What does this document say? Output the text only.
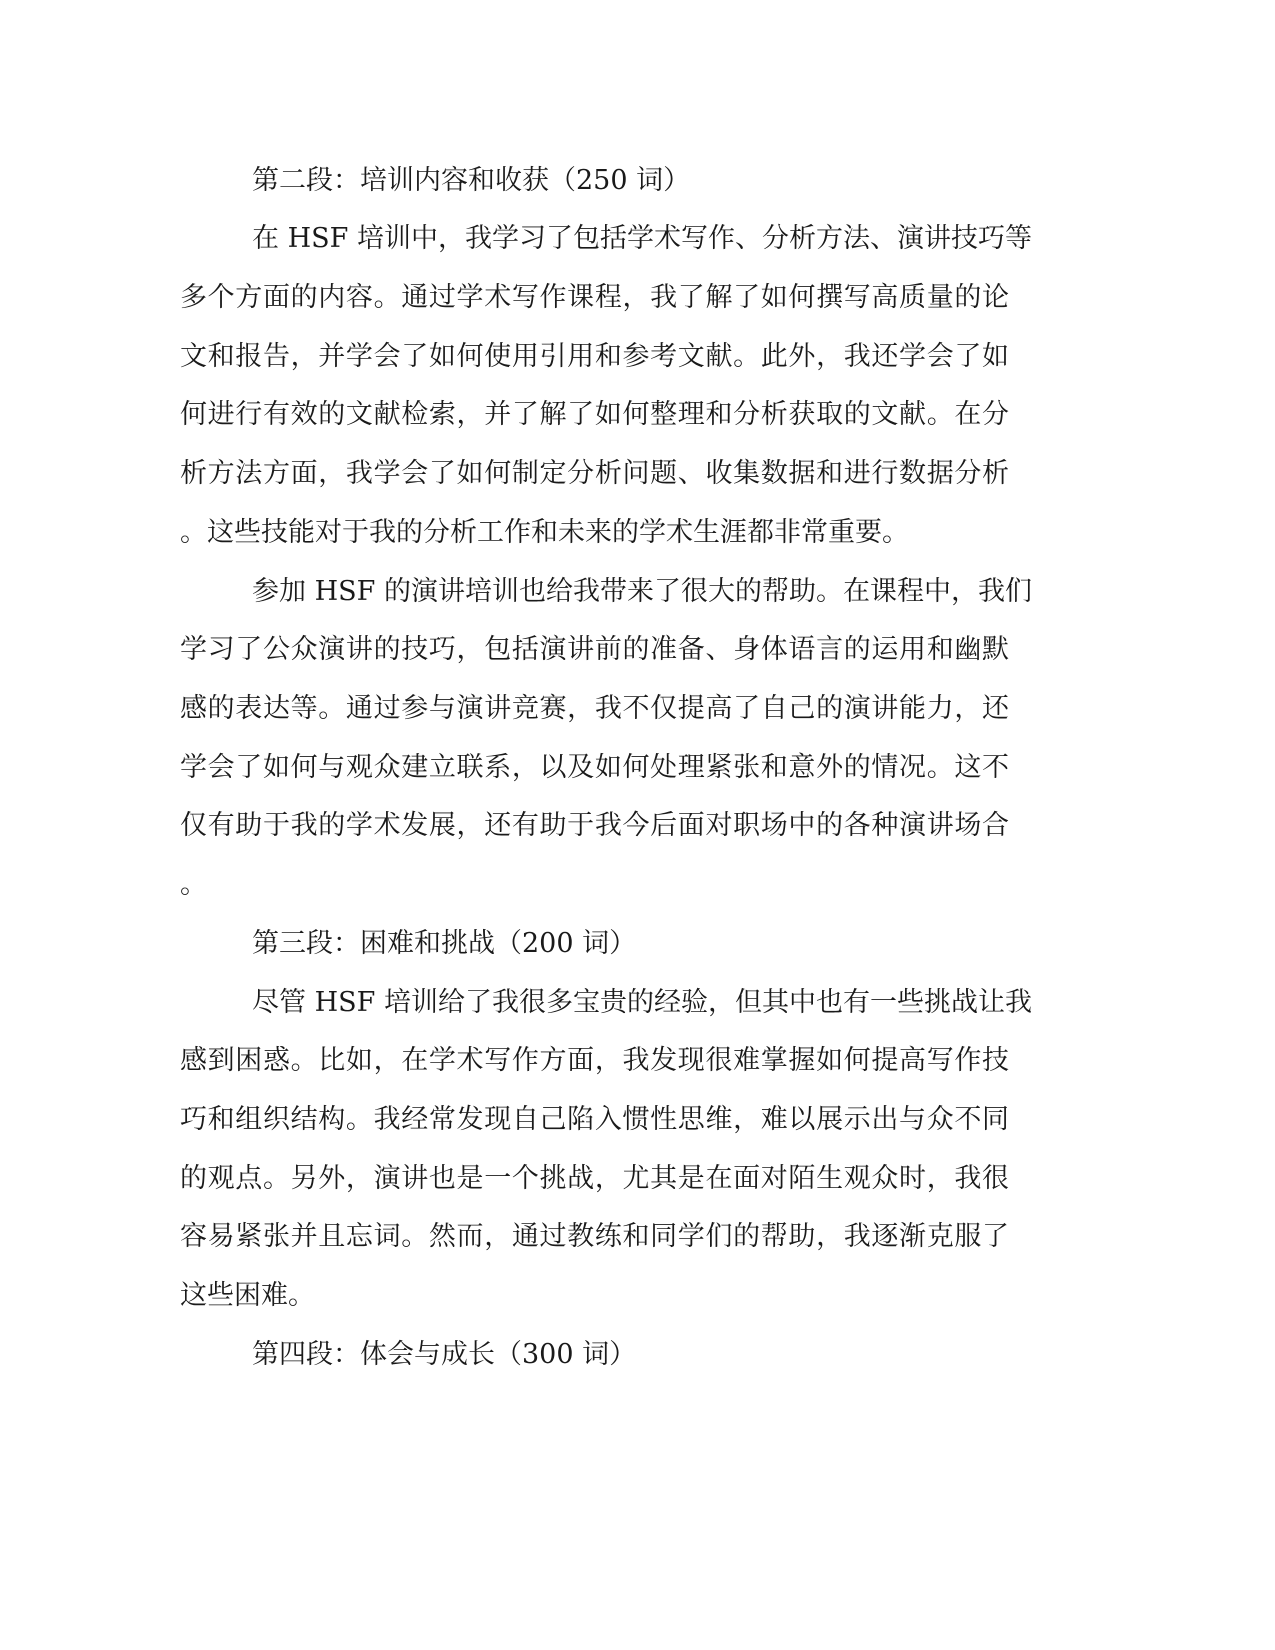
第二段：培训内容和收获（250 词）
在 HSF 培训中，我学习了包括学术写作、分析方法、演讲技巧等
多个方面的内容。通过学术写作课程，我了解了如何撰写高质量的论
文和报告，并学会了如何使用引用和参考文献。此外，我还学会了如
何进行有效的文献检索，并了解了如何整理和分析获取的文献。在分
析方法方面，我学会了如何制定分析问题、收集数据和进行数据分析
。这些技能对于我的分析工作和未来的学术生涯都非常重要。
参加 HSF 的演讲培训也给我带来了很大的帮助。在课程中，我们
学习了公众演讲的技巧，包括演讲前的准备、身体语言的运用和幽默
感的表达等。通过参与演讲竞赛，我不仅提高了自己的演讲能力，还
学会了如何与观众建立联系，以及如何处理紧张和意外的情况。这不
仅有助于我的学术发展，还有助于我今后面对职场中的各种演讲场合
。
第三段：困难和挑战（200 词）
尽管 HSF 培训给了我很多宝贵的经验，但其中也有一些挑战让我
感到困惑。比如，在学术写作方面，我发现很难掌握如何提高写作技
巧和组织结构。我经常发现自己陷入惯性思维，难以展示出与众不同
的观点。另外，演讲也是一个挑战，尤其是在面对陌生观众时，我很
容易紧张并且忘词。然而，通过教练和同学们的帮助，我逐渐克服了
这些困难。
第四段：体会与成长（300 词）
